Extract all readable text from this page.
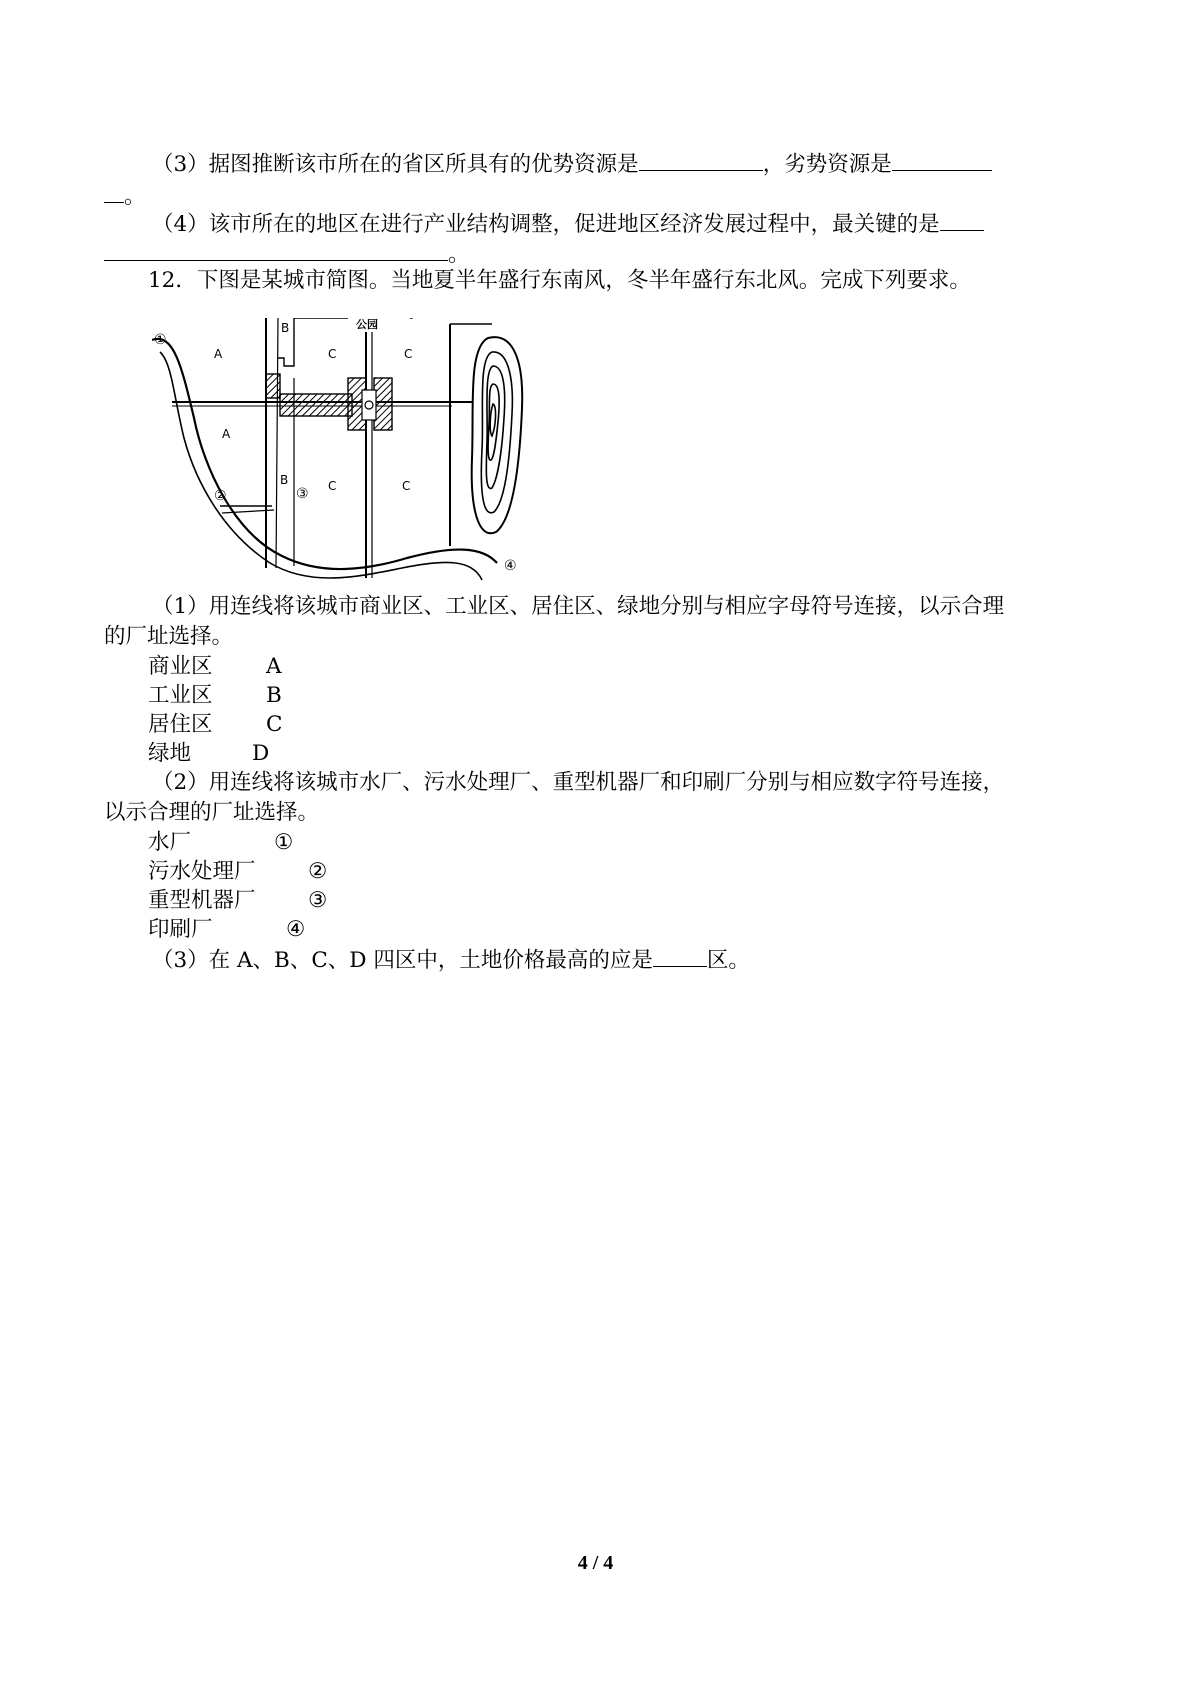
（3）据图推断该市所在的省区所具有的优势资源是	，劣势资源是
。
（4）该市所在的地区在进行产业结构调整，促进地区经济发展过程中，最关键的是
。
12．下图是某城市简图。当地夏半年盛行东南风，冬半年盛行东北风。完成下列要求。
公园
A
A
B
B
C	C
C	C
①
②	③
④
（1）用连线将该城市商业区、工业区、居住区、绿地分别与相应字母符号连接，以示合理
的厂址选择。
商业区 A
工业区 B
居住区 C
绿地	D
（2）用连线将该城市水厂、污水处理厂、重型机器厂和印刷厂分别与相应数字符号连接，
以示合理的厂址选择。
水厂	①
污水处理厂 ②
重型机器厂 ③
印刷厂	④
（3）在 A、B、C、D 四区中，土地价格最高的应是	区。
4 / 4
